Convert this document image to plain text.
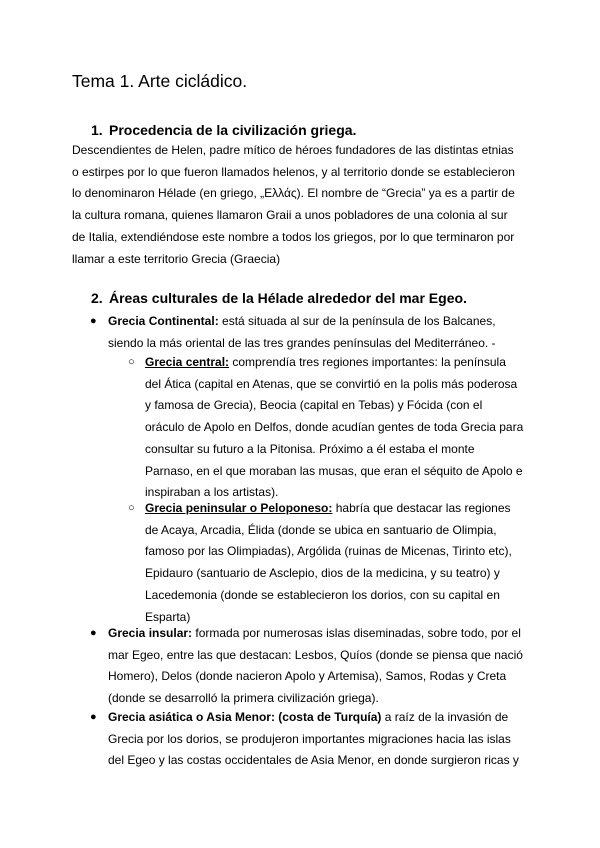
Tema 1. Arte cicládico.
1. Procedencia de la civilización griega.
Descendientes de Helen, padre mítico de héroes fundadores de las distintas etnias
o estirpes por lo que fueron llamados helenos, y al territorio donde se establecieron
lo denominaron Hélade (en griego, „Ελλάς). El nombre de “Grecia” ya es a partir de
la cultura romana, quienes llamaron Graii a unos pobladores de una colonia al sur
de Italia, extendiéndose este nombre a todos los griegos, por lo que terminaron por
llamar a este territorio Grecia (Graecia)
2. Áreas culturales de la Hélade alrededor del mar Egeo.
● Grecia Continental: está situada al sur de la península de los Balcanes,
siendo la más oriental de las tres grandes penínsulas del Mediterráneo. -
○ Grecia central: comprendía tres regiones importantes: la península
del Ática (capital en Atenas, que se convirtió en la polis más poderosa
y famosa de Grecia), Beocia (capital en Tebas) y Fócida (con el
oráculo de Apolo en Delfos, donde acudían gentes de toda Grecia para
consultar su futuro a la Pitonisa. Próximo a él estaba el monte
Parnaso, en el que moraban las musas, que eran el séquito de Apolo e
inspiraban a los artistas).
○ Grecia peninsular o Peloponeso: habría que destacar las regiones
de Acaya, Arcadia, Élida (donde se ubica en santuario de Olimpia,
famoso por las Olimpiadas), Argólida (ruinas de Micenas, Tirinto etc),
Epidauro (santuario de Asclepio, dios de la medicina, y su teatro) y
Lacedemonia (donde se establecieron los dorios, con su capital en
Esparta)
● Grecia insular: formada por numerosas islas diseminadas, sobre todo, por el
mar Egeo, entre las que destacan: Lesbos, Quíos (donde se piensa que nació
Homero), Delos (donde nacieron Apolo y Artemisa), Samos, Rodas y Creta
(donde se desarrolló la primera civilización griega).
● Grecia asiática o Asia Menor: (costa de Turquía) a raíz de la invasión de
Grecia por los dorios, se produjeron importantes migraciones hacia las islas
del Egeo y las costas occidentales de Asia Menor, en donde surgieron ricas y
